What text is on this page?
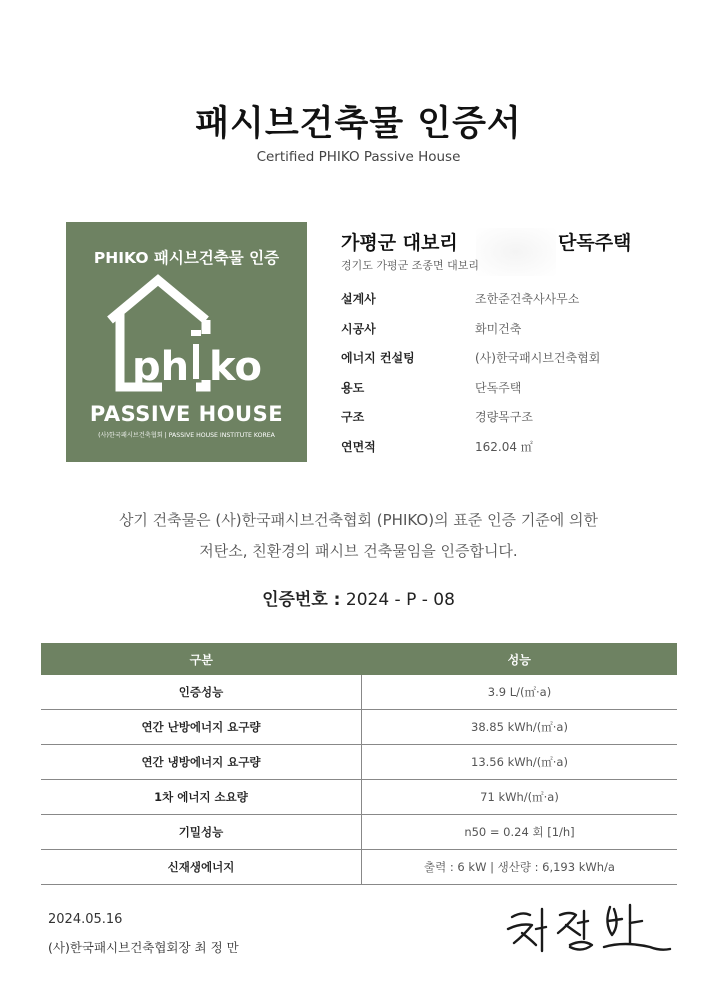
패시브건축물 인증서
Certified PHIKO Passive House
PHIKO 패시브건축물 인증
ph ko
PASSIVE HOUSE
(사)한국패시브건축협회 | PASSIVE HOUSE INSTITUTE KOREA
가평군 대보리	단독주택
경기도 가평군 조종면 대보리
설계사	조한준건축사사무소
시공사	화미건축
에너지 컨설팅	(사)한국패시브건축협회
용도	단독주택
구조	경량목구조
연면적	162.04 ㎡
상기 건축물은 (사)한국패시브건축협회 (PHIKO)의 표준 인증 기준에 의한
저탄소, 친환경의 패시브 건축물임을 인증합니다.
인증번호 : 2024 - P - 08
구분	성능
인증성능	3.9 L/(㎡·a)
연간 난방에너지 요구량	38.85 kWh/(㎡·a)
연간 냉방에너지 요구량	13.56 kWh/(㎡·a)
1차 에너지 소요량	71 kWh/(㎡·a)
기밀성능	n50 = 0.24 회 [1/h]
신재생에너지	출력 : 6 kW | 생산량 : 6,193 kWh/a
2024.05.16
(사)한국패시브건축협회장 최 정 만
